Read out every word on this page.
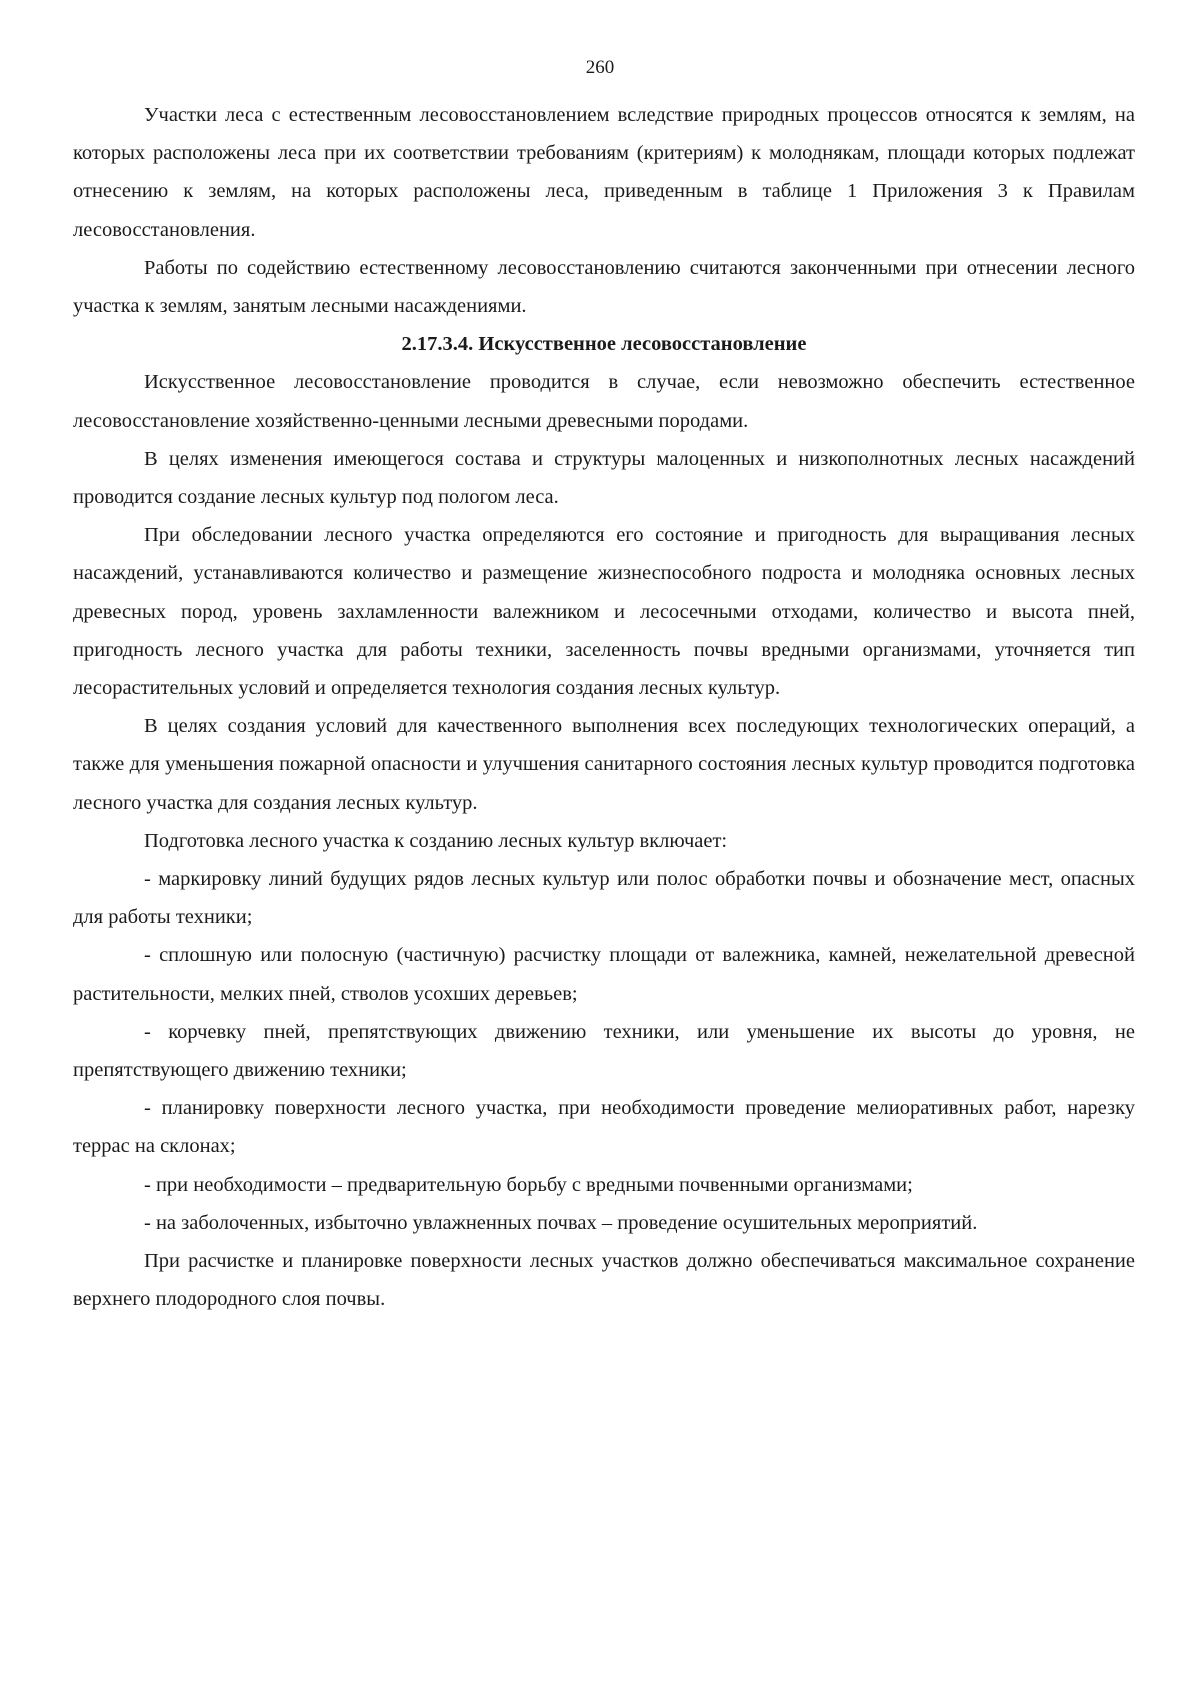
260

Участки леса с естественным лесовосстановлением вследствие природных процессов относятся к землям, на которых расположены леса при их соответствии требованиям (критериям) к молоднякам, площади которых подлежат отнесению к землям, на которых расположены леса, приведенным в таблице 1 Приложения 3 к Правилам лесовосстановления.

Работы по содействию естественному лесовосстановлению считаются законченными при отнесении лесного участка к землям, занятым лесными насаждениями.

2.17.3.4. Искусственное лесовосстановление

Искусственное лесовосстановление проводится в случае, если невозможно обеспечить естественное лесовосстановление хозяйственно-ценными лесными древесными породами.

В целях изменения имеющегося состава и структуры малоценных и низкополнотных лесных насаждений проводится создание лесных культур под пологом леса.

При обследовании лесного участка определяются его состояние и пригодность для выращивания лесных насаждений, устанавливаются количество и размещение жизнеспособного подроста и молодняка основных лесных древесных пород, уровень захламленности валежником и лесосечными отходами, количество и высота пней, пригодность лесного участка для работы техники, заселенность почвы вредными организмами, уточняется тип лесорастительных условий и определяется технология создания лесных культур.

В целях создания условий для качественного выполнения всех последующих технологических операций, а также для уменьшения пожарной опасности и улучшения санитарного состояния лесных культур проводится подготовка лесного участка для создания лесных культур.

Подготовка лесного участка к созданию лесных культур включает:

- маркировку линий будущих рядов лесных культур или полос обработки почвы и обозначение мест, опасных для работы техники;

- сплошную или полосную (частичную) расчистку площади от валежника, камней, нежелательной древесной растительности, мелких пней, стволов усохших деревьев;

- корчевку пней, препятствующих движению техники, или уменьшение их высоты до уровня, не препятствующего движению техники;

- планировку поверхности лесного участка, при необходимости проведение мелиоративных работ, нарезку террас на склонах;

- при необходимости – предварительную борьбу с вредными почвенными организмами;

- на заболоченных, избыточно увлажненных почвах – проведение осушительных мероприятий.

При расчистке и планировке поверхности лесных участков должно обеспечиваться максимальное сохранение верхнего плодородного слоя почвы.
